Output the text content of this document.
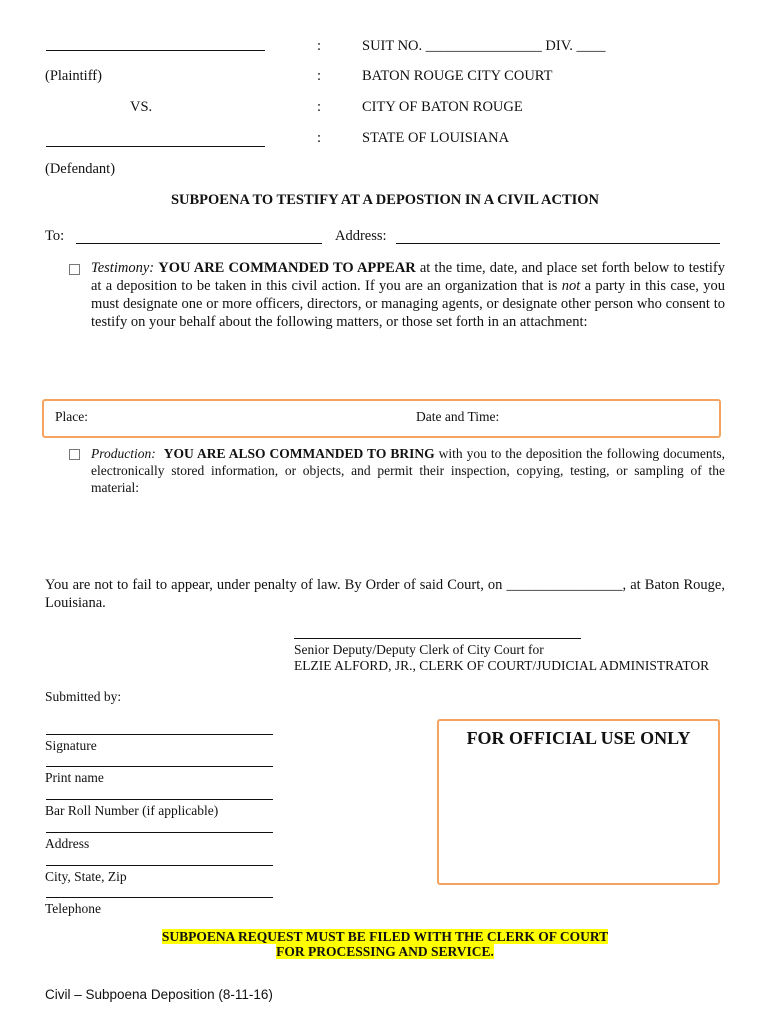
(Plaintiff)
VS.
(Defendant)
:
:
:
:
SUIT NO. ________________ DIV. ____
BATON ROUGE CITY COURT
CITY OF BATON ROUGE
STATE OF LOUISIANA
SUBPOENA TO TESTIFY AT A DEPOSTION IN A CIVIL ACTION
To:	Address:
Testimony: YOU ARE COMMANDED TO APPEAR at the time, date, and place set forth below to testify at a deposition to be taken in this civil action. If you are an organization that is not a party in this case, you must designate one or more officers, directors, or managing agents, or designate other person who consent to testify on your behalf about the following matters, or those set forth in an attachment:
Place:	Date and Time:
Production: YOU ARE ALSO COMMANDED TO BRING with you to the deposition the following documents, electronically stored information, or objects, and permit their inspection, copying, testing, or sampling of the material:
You are not to fail to appear, under penalty of law. By Order of said Court, on ________________, at Baton Rouge, Louisiana.
Senior Deputy/Deputy Clerk of City Court for
ELZIE ALFORD, JR., CLERK OF COURT/JUDICIAL ADMINISTRATOR
Submitted by:
Signature
Print name
Bar Roll Number (if applicable)
Address
City, State, Zip
Telephone
FOR OFFICIAL USE ONLY
SUBPOENA REQUEST MUST BE FILED WITH THE CLERK OF COURT
FOR PROCESSING AND SERVICE.
Civil – Subpoena Deposition (8-11-16)
